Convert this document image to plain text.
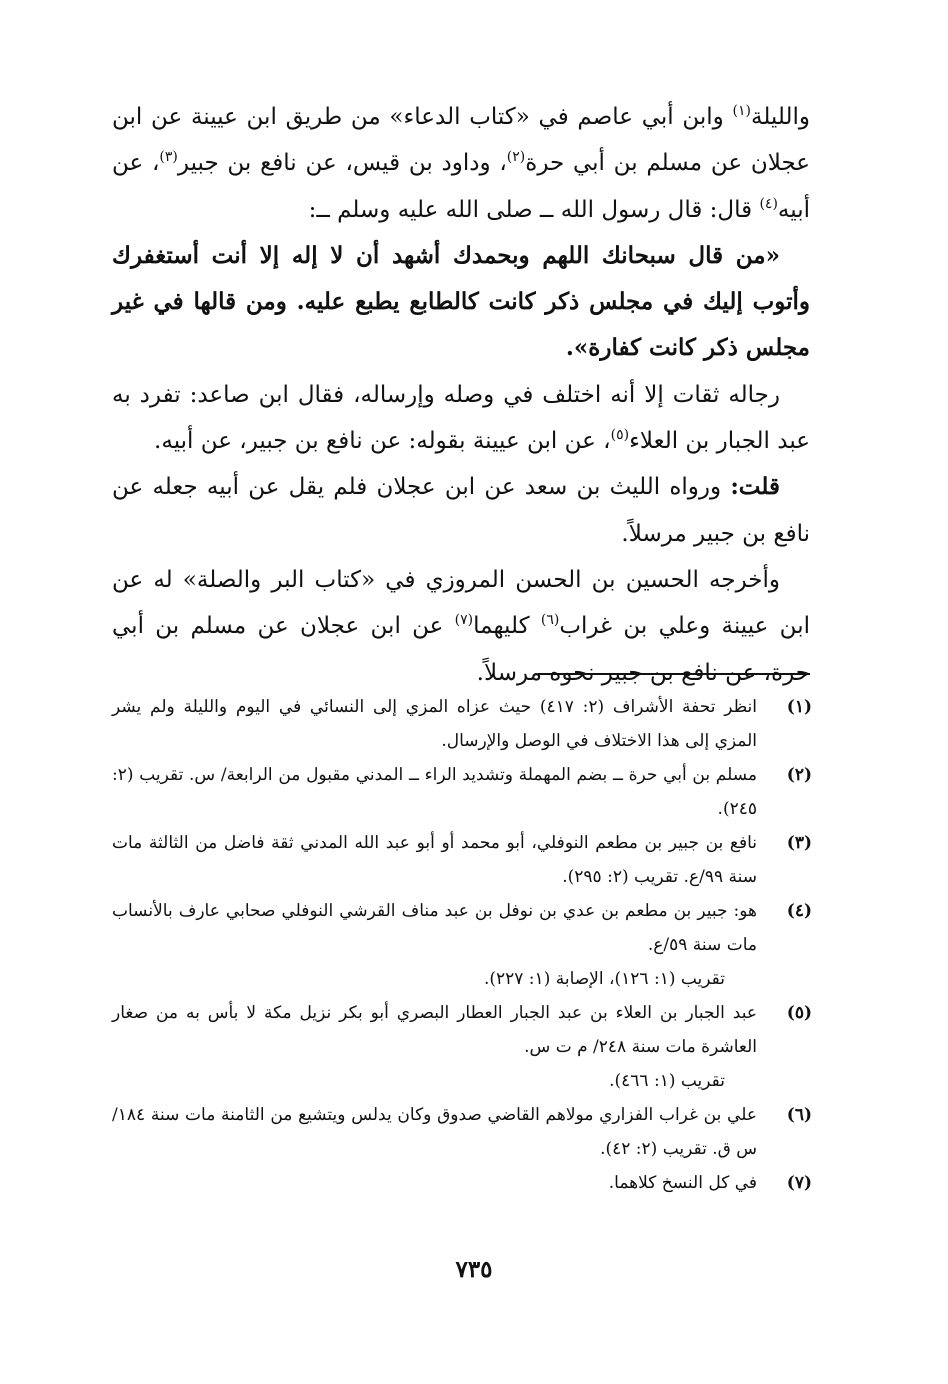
والليلة$^{(١)}$ وابن أبي عاصم في «كتاب الدعاء» من طريق ابن عيينة عن ابن عجلان عن مسلم بن أبي حرة$^{(٢)}$، وداود بن قيس، عن نافع بن جبير$^{(٣)}$، عن أبيه$^{(٤)}$ قال: قال رسول الله ــ صلى الله عليه وسلم ــ:

«من قال سبحانك اللهم وبحمدك أشهد أن لا إله إلا أنت أستغفرك وأتوب إليك في مجلس ذكر كانت كالطابع يطبع عليه. ومن قالها في غير مجلس ذكر كانت كفارة».

رجاله ثقات إلا أنه اختلف في وصله وإرساله، فقال ابن صاعد: تفرد به عبد الجبار بن العلاء$^{(٥)}$، عن ابن عيينة بقوله: عن نافع بن جبير، عن أبيه.

قلت: ورواه الليث بن سعد عن ابن عجلان فلم يقل عن أبيه جعله عن نافع بن جبير مرسلاً.

وأخرجه الحسين بن الحسن المروزي في «كتاب البر والصلة» له عن ابن عيينة وعلي بن غراب$^{(٦)}$ كليهما$^{(٧)}$ عن ابن عجلان عن مسلم بن أبي حرة، عن نافع بن جبير نحوه مرسلاً.

(١)
انظر تحفة الأشراف (٢: ٤١٧) حيث عزاه المزي إلى النسائي في اليوم والليلة ولم يشر المزي إلى هذا الاختلاف في الوصل والإرسال.
(٢)
مسلم بن أبي حرة ــ بضم المهملة وتشديد الراء ــ المدني مقبول من الرابعة/ س. تقريب (٢: ٢٤٥).
(٣)
نافع بن جبير بن مطعم النوفلي، أبو محمد أو أبو عبد الله المدني ثقة فاضل من الثالثة مات سنة ٩٩/ع. تقريب (٢: ٢٩٥).
(٤)
هو: جبير بن مطعم بن عدي بن نوفل بن عبد مناف القرشي النوفلي صحابي عارف بالأنساب مات سنة ٥٩/ع.
تقريب (١: ١٢٦)، الإصابة (١: ٢٢٧).
(٥)
عبد الجبار بن العلاء بن عبد الجبار العطار البصري أبو بكر نزيل مكة لا بأس به من صغار العاشرة مات سنة ٢٤٨/ م ت س.
تقريب (١: ٤٦٦).
(٦)
علي بن غراب الفزاري مولاهم القاضي صدوق وكان يدلس ويتشيع من الثامنة مات سنة ١٨٤/ س ق. تقريب (٢: ٤٢).
(٧)
في كل النسخ كلاهما.
٧٣٥
